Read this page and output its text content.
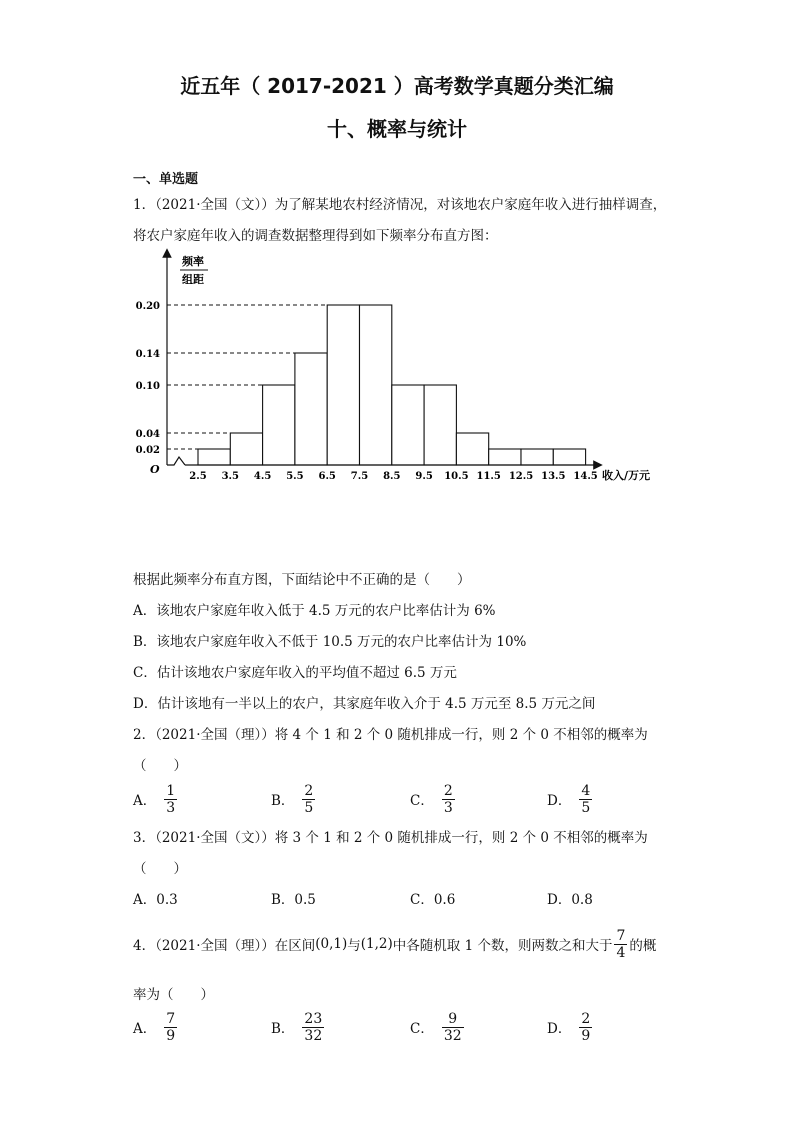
近五年（ 2017-2021 ）高考数学真题分类汇编
十、概率与统计
一、单选题
1．（2021·全国（文））为了解某地农村经济情况，对该地农户家庭年收入进行抽样调查，
将农户家庭年收入的调查数据整理得到如下频率分布直方图：
O
频率
组距
收入/万元
0.02
0.04
0.10
0.14
0.20
2.5 3.5 4.5 5.5 6.5 7.5 8.5 9.5 10.5 11.5 12.5 13.5 14.5
根据此频率分布直方图，下面结论中不正确的是（　　）
A．该地农户家庭年收入低于 4.5 万元的农户比率估计为 6%
B．该地农户家庭年收入不低于 10.5 万元的农户比率估计为 10%
C．估计该地农户家庭年收入的平均值不超过 6.5 万元
D．估计该地有一半以上的农户，其家庭年收入介于 4.5 万元至 8.5 万元之间
2．（2021·全国（理））将 4 个 1 和 2 个 0 随机排成一行，则 2 个 0 不相邻的概率为
（　　）
A． $\frac{1}{3}$	B． $\frac{2}{5}$	C． $\frac{2}{3}$	D． $\frac{4}{5}$
3．（2021·全国（文））将 3 个 1 和 2 个 0 随机排成一行，则 2 个 0 不相邻的概率为
（　　）
A．0.3	B．0.5	C．0.6	D．0.8
4．（2021·全国（理））在区间 (0,1) 与 (1,2) 中各随机取 1 个数，则两数之和大于 $\frac{7}{4}$ 的概
率为（　　）
A． $\frac{7}{9}$	B． $\frac{23}{32}$	C． $\frac{9}{32}$	D． $\frac{2}{9}$
